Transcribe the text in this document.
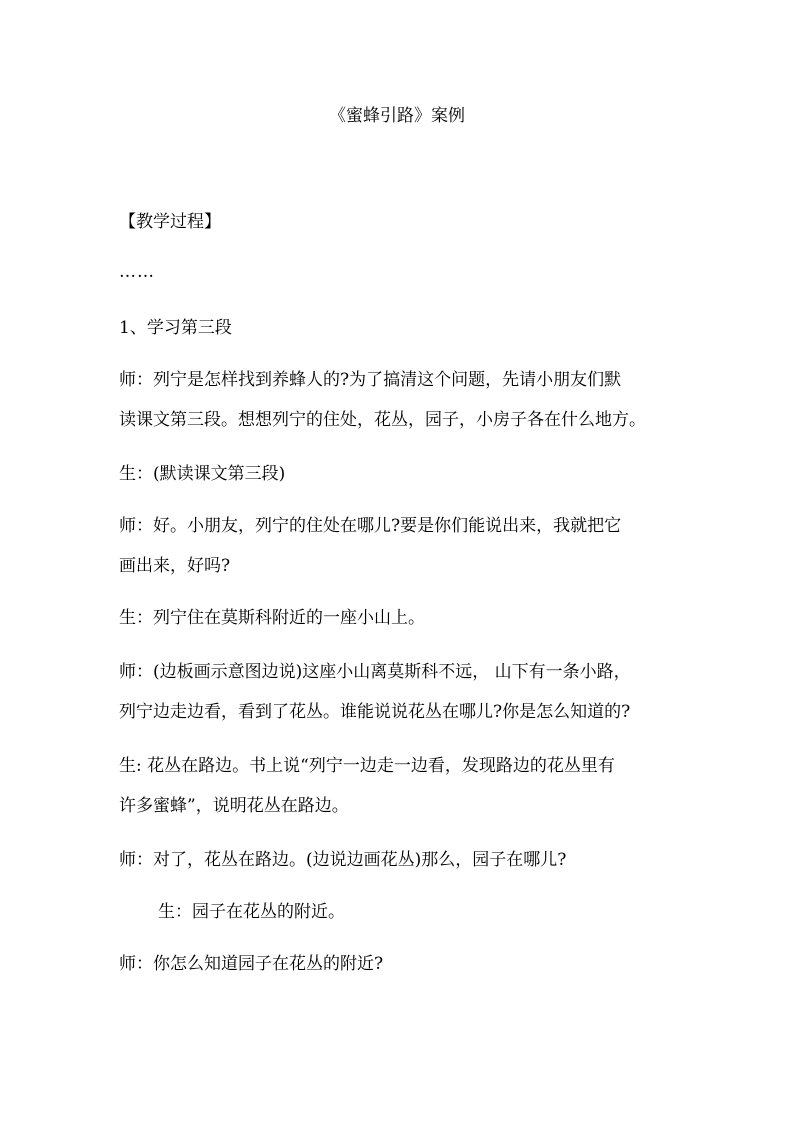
《蜜蜂引路》案例
【教学过程】
……
1、学习第三段
师：列宁是怎样找到养蜂人的?为了搞清这个问题，先请小朋友们默
读课文第三段。想想列宁的住处，花丛，园子，小房子各在什么地方。
生：(默读课文第三段)
师：好。小朋友，列宁的住处在哪儿?要是你们能说出来，我就把它
画出来，好吗?
生：列宁住在莫斯科附近的一座小山上。
师：(边板画示意图边说)这座小山离莫斯科不远， 山下有一条小路，
列宁边走边看，看到了花丛。谁能说说花丛在哪儿?你是怎么知道的?
生: 花丛在路边。书上说“列宁一边走一边看，发现路边的花丛里有
许多蜜蜂”，说明花丛在路边。
师：对了，花丛在路边。(边说边画花丛)那么，园子在哪儿?
生：园子在花丛的附近。
师：你怎么知道园子在花丛的附近?
